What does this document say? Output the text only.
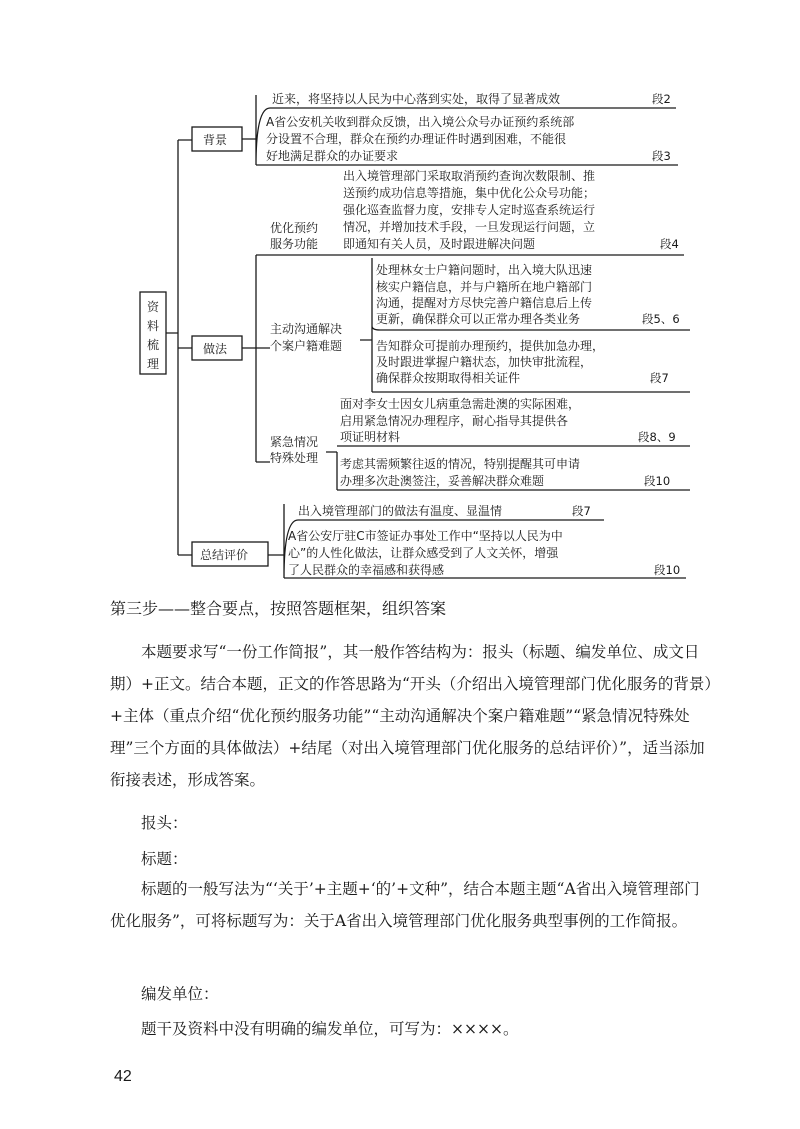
资
料
梳
理
背景
做法
总结评价
近来，将坚持以人民为中心落到实处，取得了显著成效	段2
A省公安机关收到群众反馈，出入境公众号办证预约系统部
分设置不合理，群众在预约办理证件时遇到困难，不能很
好地满足群众的办证要求	段3
优化预约
服务功能
出入境管理部门采取取消预约查询次数限制、推
送预约成功信息等措施，集中优化公众号功能；
强化巡查监督力度，安排专人定时巡查系统运行
情况，并增加技术手段，一旦发现运行问题，立
即通知有关人员，及时跟进解决问题	段4
主动沟通解决
个案户籍难题
处理林女士户籍问题时，出入境大队迅速
核实户籍信息，并与户籍所在地户籍部门
沟通，提醒对方尽快完善户籍信息后上传
更新，确保群众可以正常办理各类业务	段5、6
告知群众可提前办理预约，提供加急办理，
及时跟进掌握户籍状态，加快审批流程，
确保群众按期取得相关证件	段7
紧急情况
特殊处理
面对李女士因女儿病重急需赴澳的实际困难，
启用紧急情况办理程序，耐心指导其提供各
项证明材料	段8、9
考虑其需频繁往返的情况，特别提醒其可申请
办理多次赴澳签注，妥善解决群众难题	段10
出入境管理部门的做法有温度、显温情	段7
A省公安厅驻C市签证办事处工作中“坚持以人民为中
心”的人性化做法，让群众感受到了人文关怀，增强
了人民群众的幸福感和获得感	段10
第三步——整合要点，按照答题框架，组织答案
本题要求写“一份工作简报”，其一般作答结构为：报头（标题、编发单位、成文日期）+正文。结合本题，正文的作答思路为“开头（介绍出入境管理部门优化服务的背景）+主体（重点介绍“优化预约服务功能”“主动沟通解决个案户籍难题”“紧急情况特殊处理”三个方面的具体做法）+结尾（对出入境管理部门优化服务的总结评价）”，适当添加衔接表述，形成答案。
报头：
标题：
标题的一般写法为“‘关于’+主题+‘的’+文种”，结合本题主题“A省出入境管理部门优化服务”，可将标题写为：关于A省出入境管理部门优化服务典型事例的工作简报。
编发单位：
题干及资料中没有明确的编发单位，可写为：××××。
42
